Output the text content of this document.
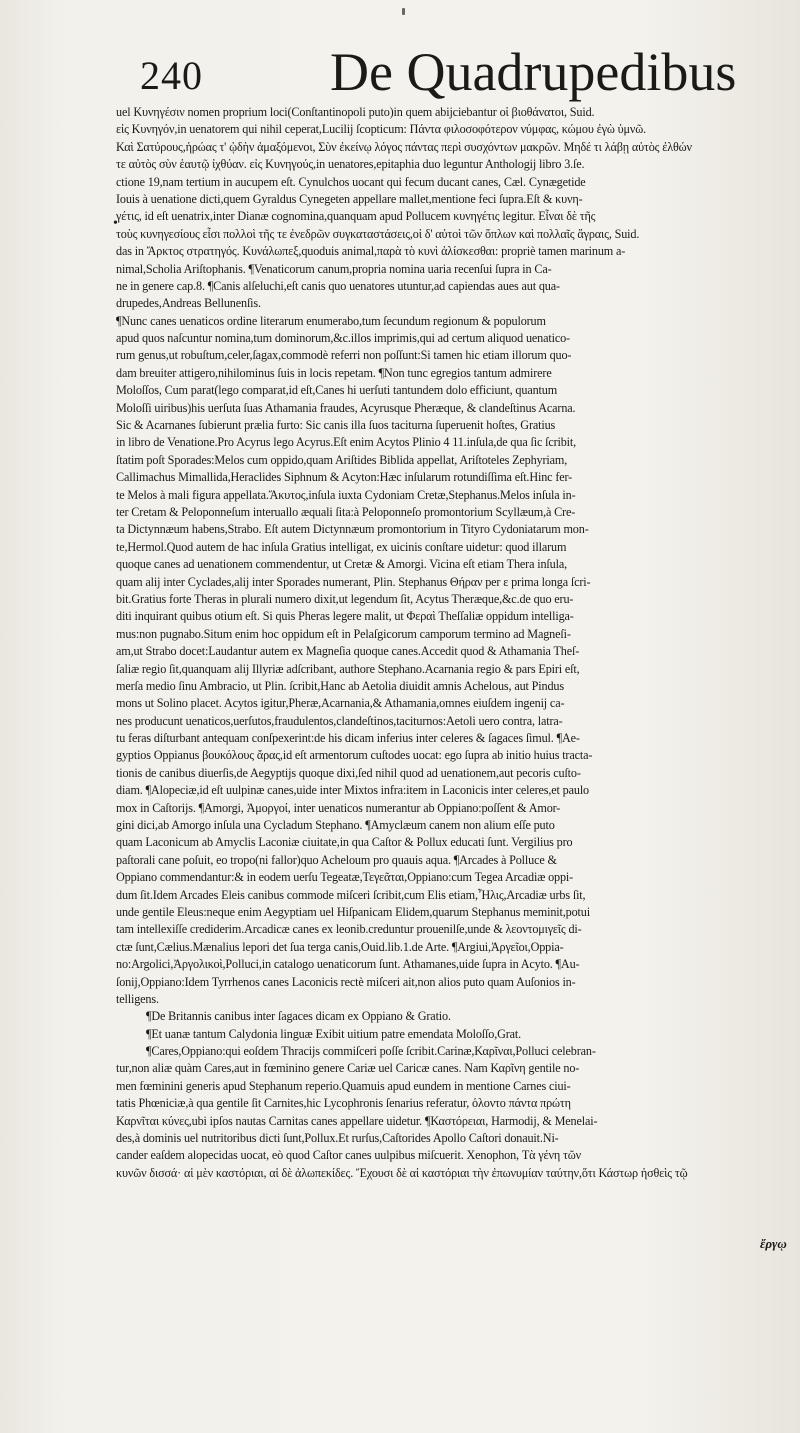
240 De Quadrupedibus
•
uel Κυνηγέσιν nomen proprium loci(Conſtantinopoli puto)in quem abijciebantur οἱ βιοθάνατοι, Suid.
εἰς Κυνηγόν,in uenatorem qui nihil ceperat,Lucilij ſcopticum: Πάντα φιλοσοφότερον νύμφας, κώμου ἐγὼ ὑμνῶ.
Καὶ Σατύρους,ἡρώας τ' ᾠδὴν ἀμαξόμενοι, Σὺν ἐκείνῳ λόγος πάντας περὶ συσχόντων μακρῶν. Μηδέ τι λάβῃ αὐτὸς ἐλθών
τε αὐτὸς σὺν ἑαυτῷ ἰχθύαν. εἰς Κυνηγούς,in uenatores,epitaphia duo leguntur Anthologij libro 3.ſe.
ctione 19,nam tertium in aucupem eſt. Cynulchos uocant qui fecum ducant canes, Cæl. Cynægetide
Iouis à uenatione dicti,quem Gyraldus Cynegeten appellare mallet,mentione feci ſupra.Eſt & κυνη-
γέτις, id eſt uenatrix,inter Dianæ cognomina,quanquam apud Pollucem κυνηγέτις legitur. Εἶναι δὲ τῆς
τοὺς κυνηγεσίους εἶσι πολλοὶ τῆς τε ἐνεδρῶν συγκαταστάσεις,οἱ δ' αὐτοὶ τῶν ὅπλων καὶ πολλαῖς ἄγραις, Suid.
das in Ἄρκτος στρατηγός. Κυνάλωπεξ,quoduis animal,παρὰ τὸ κυνὶ ἀλίσκεσθαι: propriè tamen marinum a-
nimal,Scholia Ariſtophanis. ¶Venaticorum canum,propria nomina uaria recenſui ſupra in Ca-
ne in genere cap.8. ¶Canis alſeluchi,eſt canis quo uenatores utuntur,ad capiendas aues aut qua-
drupedes,Andreas Bellunenſis.
¶Nunc canes uenaticos ordine literarum enumerabo,tum ſecundum regionum & populorum
apud quos naſcuntur nomina,tum dominorum,&c.illos imprimis,qui ad certum aliquod uenatico-
rum genus,ut robuſtum,celer,ſagax,commodè referri non poſſunt:Si tamen hic etiam illorum quo-
dam breuiter attigero,nihilominus ſuis in locis repetam. ¶Non tunc egregios tantum admirere
Moloſſos, Cum parat(lego comparat,id eſt,Canes hi uerſuti tantundem dolo efficiunt, quantum
Moloſſi uiribus)his uerſuta ſuas Athamania fraudes, Acyrusque Pheræque, & clandeſtinus Acarna.
Sic & Acarnanes ſubierunt prælia furto: Sic canis illa ſuos taciturna ſuperuenit hoſtes, Gratius
in libro de Venatione.Pro Acyrus lego Acyrus.Eſt enim Acytos Plinio 4 11.inſula,de qua ſic ſcribit,
ſtatim poſt Sporades:Melos cum oppido,quam Ariſtides Biblida appellat, Ariſtoteles Zephyriam,
Callimachus Mimallida,Heraclides Siphnum & Acyton:Hæc inſularum rotundiſſima eſt.Hinc fer-
te Melos à mali figura appellata.Ἄκυτος,inſula iuxta Cydoniam Cretæ,Stephanus.Melos inſula in-
ter Cretam & Peloponneſum interuallo æquali ſita:à Peloponneſo promontorium Scyllæum,à Cre-
ta Dictynnæum habens,Strabo. Eſt autem Dictynnæum promontorium in Tityro Cydoniatarum mon-
te,Hermol.Quod autem de hac inſula Gratius intelligat, ex uicinis conſtare uidetur: quod illarum
quoque canes ad uenationem commendentur, ut Cretæ & Amorgi. Vicina eſt etiam Thera inſula,
quam alij inter Cyclades,alij inter Sporades numerant, Plin. Stephanus Θήραν per ε prima longa ſcri-
bit.Gratius forte Theras in plurali numero dixit,ut legendum ſit, Acytus Theræque,&c.de quo eru-
diti inquirant quibus otium eſt. Si quis Pheras legere malit, ut Φεραὶ Theſſaliæ oppidum intelliga-
mus:non pugnabo.Situm enim hoc oppidum eſt in Pelaſgicorum camporum termino ad Magneſi-
am,ut Strabo docet:Laudantur autem ex Magneſia quoque canes.Accedit quod & Athamania Theſ-
ſaliæ regio ſit,quanquam alij Illyriæ adſcribant, authore Stephano.Acarnania regio & pars Epiri eſt,
merſa medio ſinu Ambracio, ut Plin. ſcribit,Hanc ab Aetolia diuidit amnis Achelous, aut Pindus
mons ut Solino placet. Acytos igitur,Pheræ,Acarnania,& Athamania,omnes eiuſdem ingenij ca-
nes producunt uenaticos,uerſutos,fraudulentos,clandeſtinos,taciturnos:Aetoli uero contra, latra-
tu feras diſturbant antequam conſpexerint:de his dicam inferius inter celeres & ſagaces ſimul. ¶Ae-
gyptios Oppianus βουκόλους ἄρας,id eſt armentorum cuſtodes uocat: ego ſupra ab initio huius tracta-
tionis de canibus diuerſis,de Aegyptijs quoque dixi,ſed nihil quod ad uenationem,aut pecoris cuſto-
diam. ¶Alopeciæ,id eſt uulpinæ canes,uide inter Mixtos infra:item in Laconicis inter celeres,et paulo
mox in Caſtorijs. ¶Amorgi, Ἀμοργοί, inter uenaticos numerantur ab Oppiano:poſſent & Amor-
gini dici,ab Amorgo inſula una Cycladum Stephano. ¶Amyclæum canem non alium eſſe puto
quam Laconicum ab Amyclis Laconiæ ciuitate,in qua Caſtor & Pollux educati ſunt. Vergilius pro
paſtorali cane poſuit, eo tropo(ni fallor)quo Acheloum pro quauis aqua. ¶Arcades à Polluce &
Oppiano commendantur:& in eodem uerſu Tegeatæ,Τεγεᾶται,Oppiano:cum Tegea Arcadiæ oppi-
dum ſit.Idem Arcades Eleis canibus commode miſceri ſcribit,cum Elis etiam,Ἦλις,Arcadiæ urbs ſit,
unde gentile Eleus:neque enim Aegyptiam uel Hiſpanicam Elidem,quarum Stephanus meminit,potui
tam intellexiſſe crediderim.Arcadicæ canes ex leonib.creduntur prouenilſe,unde & λεοντομιγεῖς di-
ctæ ſunt,Cælius.Mænalius lepori det ſua terga canis,Ouid.lib.1.de Arte. ¶Argiui,Ἀργεῖοι,Oppia-
no:Argolici,Ἀργολικοὶ,Polluci,in catalogo uenaticorum ſunt. Athamanes,uide ſupra in Acyto. ¶Au-
ſonij,Oppiano:Idem Tyrrhenos canes Laconicis rectè miſceri ait,non alios puto quam Auſonios in-
telligens.
¶De Britannis canibus inter ſagaces dicam ex Oppiano & Gratio.
¶Et uanæ tantum Calydonia linguæ Exibit uitium patre emendata Moloſſo,Grat.
¶Cares,Oppiano:qui eoſdem Thracijs commiſceri poſſe ſcribit.Carinæ,Καρῖναι,Polluci celebran-
tur,non aliæ quàm Cares,aut in fœminino genere Cariæ uel Caricæ canes. Nam Καρῖνη gentile no-
men fœminini generis apud Stephanum reperio.Quamuis apud eundem in mentione Carnes ciui-
tatis Phœniciæ,à qua gentile ſit Carnites,hic Lycophronis ſenarius referatur, ὁλοντο πάντα πρώτη
Καρνῖται κύνες,ubi ipſos nautas Carnitas canes appellare uidetur. ¶Καστόρειαι, Harmodij, & Menelai-
des,à dominis uel nutritoribus dicti ſunt,Pollux.Et rurſus,Caſtorides Apollo Caſtori donauit.Ni-
cander eaſdem alopecidas uocat, eò quod Caſtor canes uulpibus miſcuerit. Xenophon, Τὰ γένη τῶν
κυνῶν δισσά· αἱ μὲν καστόριαι, αἱ δὲ ἀλωπεκίδες. Ἔχουσι δὲ αἱ καστόριαι τὴν ἐπωνυμίαν ταύτην,ὅτι Κάστωρ ἡσθεὶς τῷ
ἔργῳ
